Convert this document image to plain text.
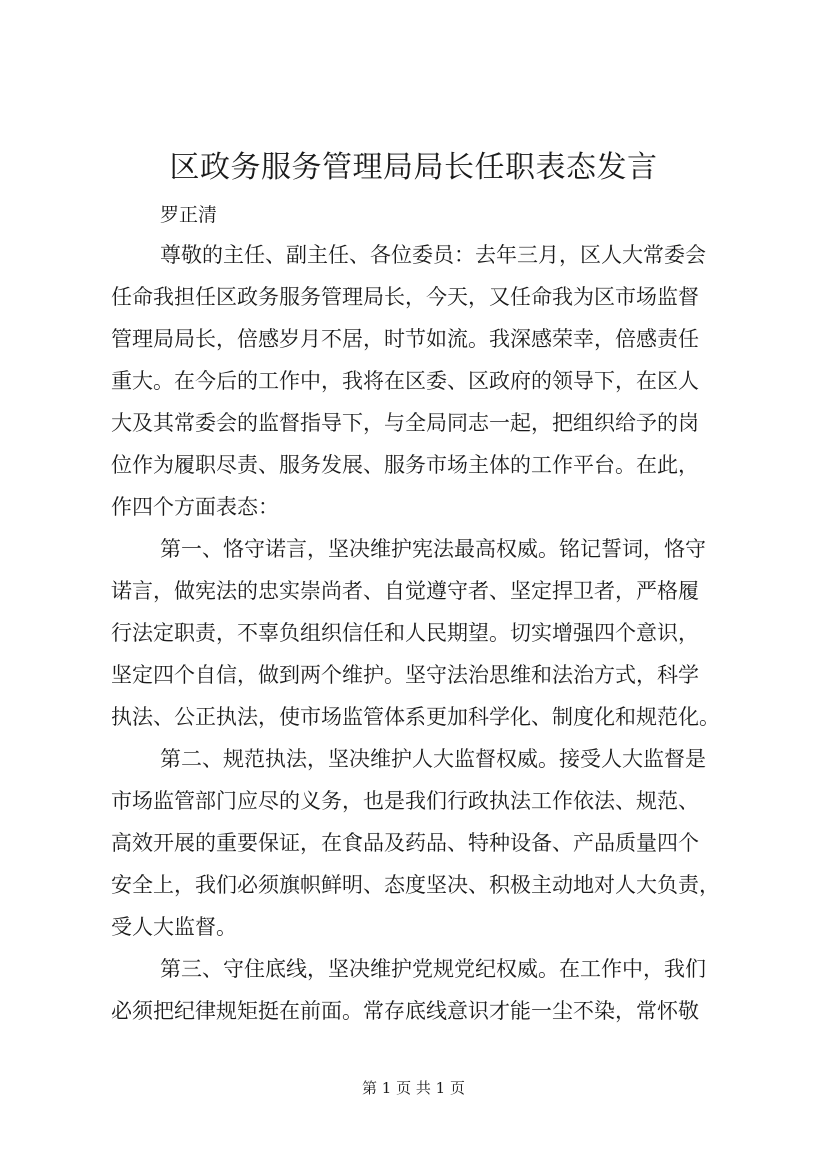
区政务服务管理局局长任职表态发言
罗正清

尊敬的主任、副主任、各位委员：去年三月，区人大常委会

任命我担任区政务服务管理局长，今天，又任命我为区市场监督

管理局局长，倍感岁月不居，时节如流。我深感荣幸，倍感责任

重大。在今后的工作中，我将在区委、区政府的领导下，在区人

大及其常委会的监督指导下，与全局同志一起，把组织给予的岗

位作为履职尽责、服务发展、服务市场主体的工作平台。在此，

作四个方面表态：

第一、恪守诺言，坚决维护宪法最高权威。铭记誓词，恪守

诺言，做宪法的忠实崇尚者、自觉遵守者、坚定捍卫者，严格履

行法定职责，不辜负组织信任和人民期望。切实增强四个意识，

坚定四个自信，做到两个维护。坚守法治思维和法治方式，科学

执法、公正执法，使市场监管体系更加科学化、制度化和规范化。

第二、规范执法，坚决维护人大监督权威。接受人大监督是

市场监管部门应尽的义务，也是我们行政执法工作依法、规范、

高效开展的重要保证，在食品及药品、特种设备、产品质量四个

安全上，我们必须旗帜鲜明、态度坚决、积极主动地对人大负责，

受人大监督。

第三、守住底线，坚决维护党规党纪权威。在工作中，我们

必须把纪律规矩挺在前面。常存底线意识才能一尘不染，常怀敬

第 1 页 共 1 页
